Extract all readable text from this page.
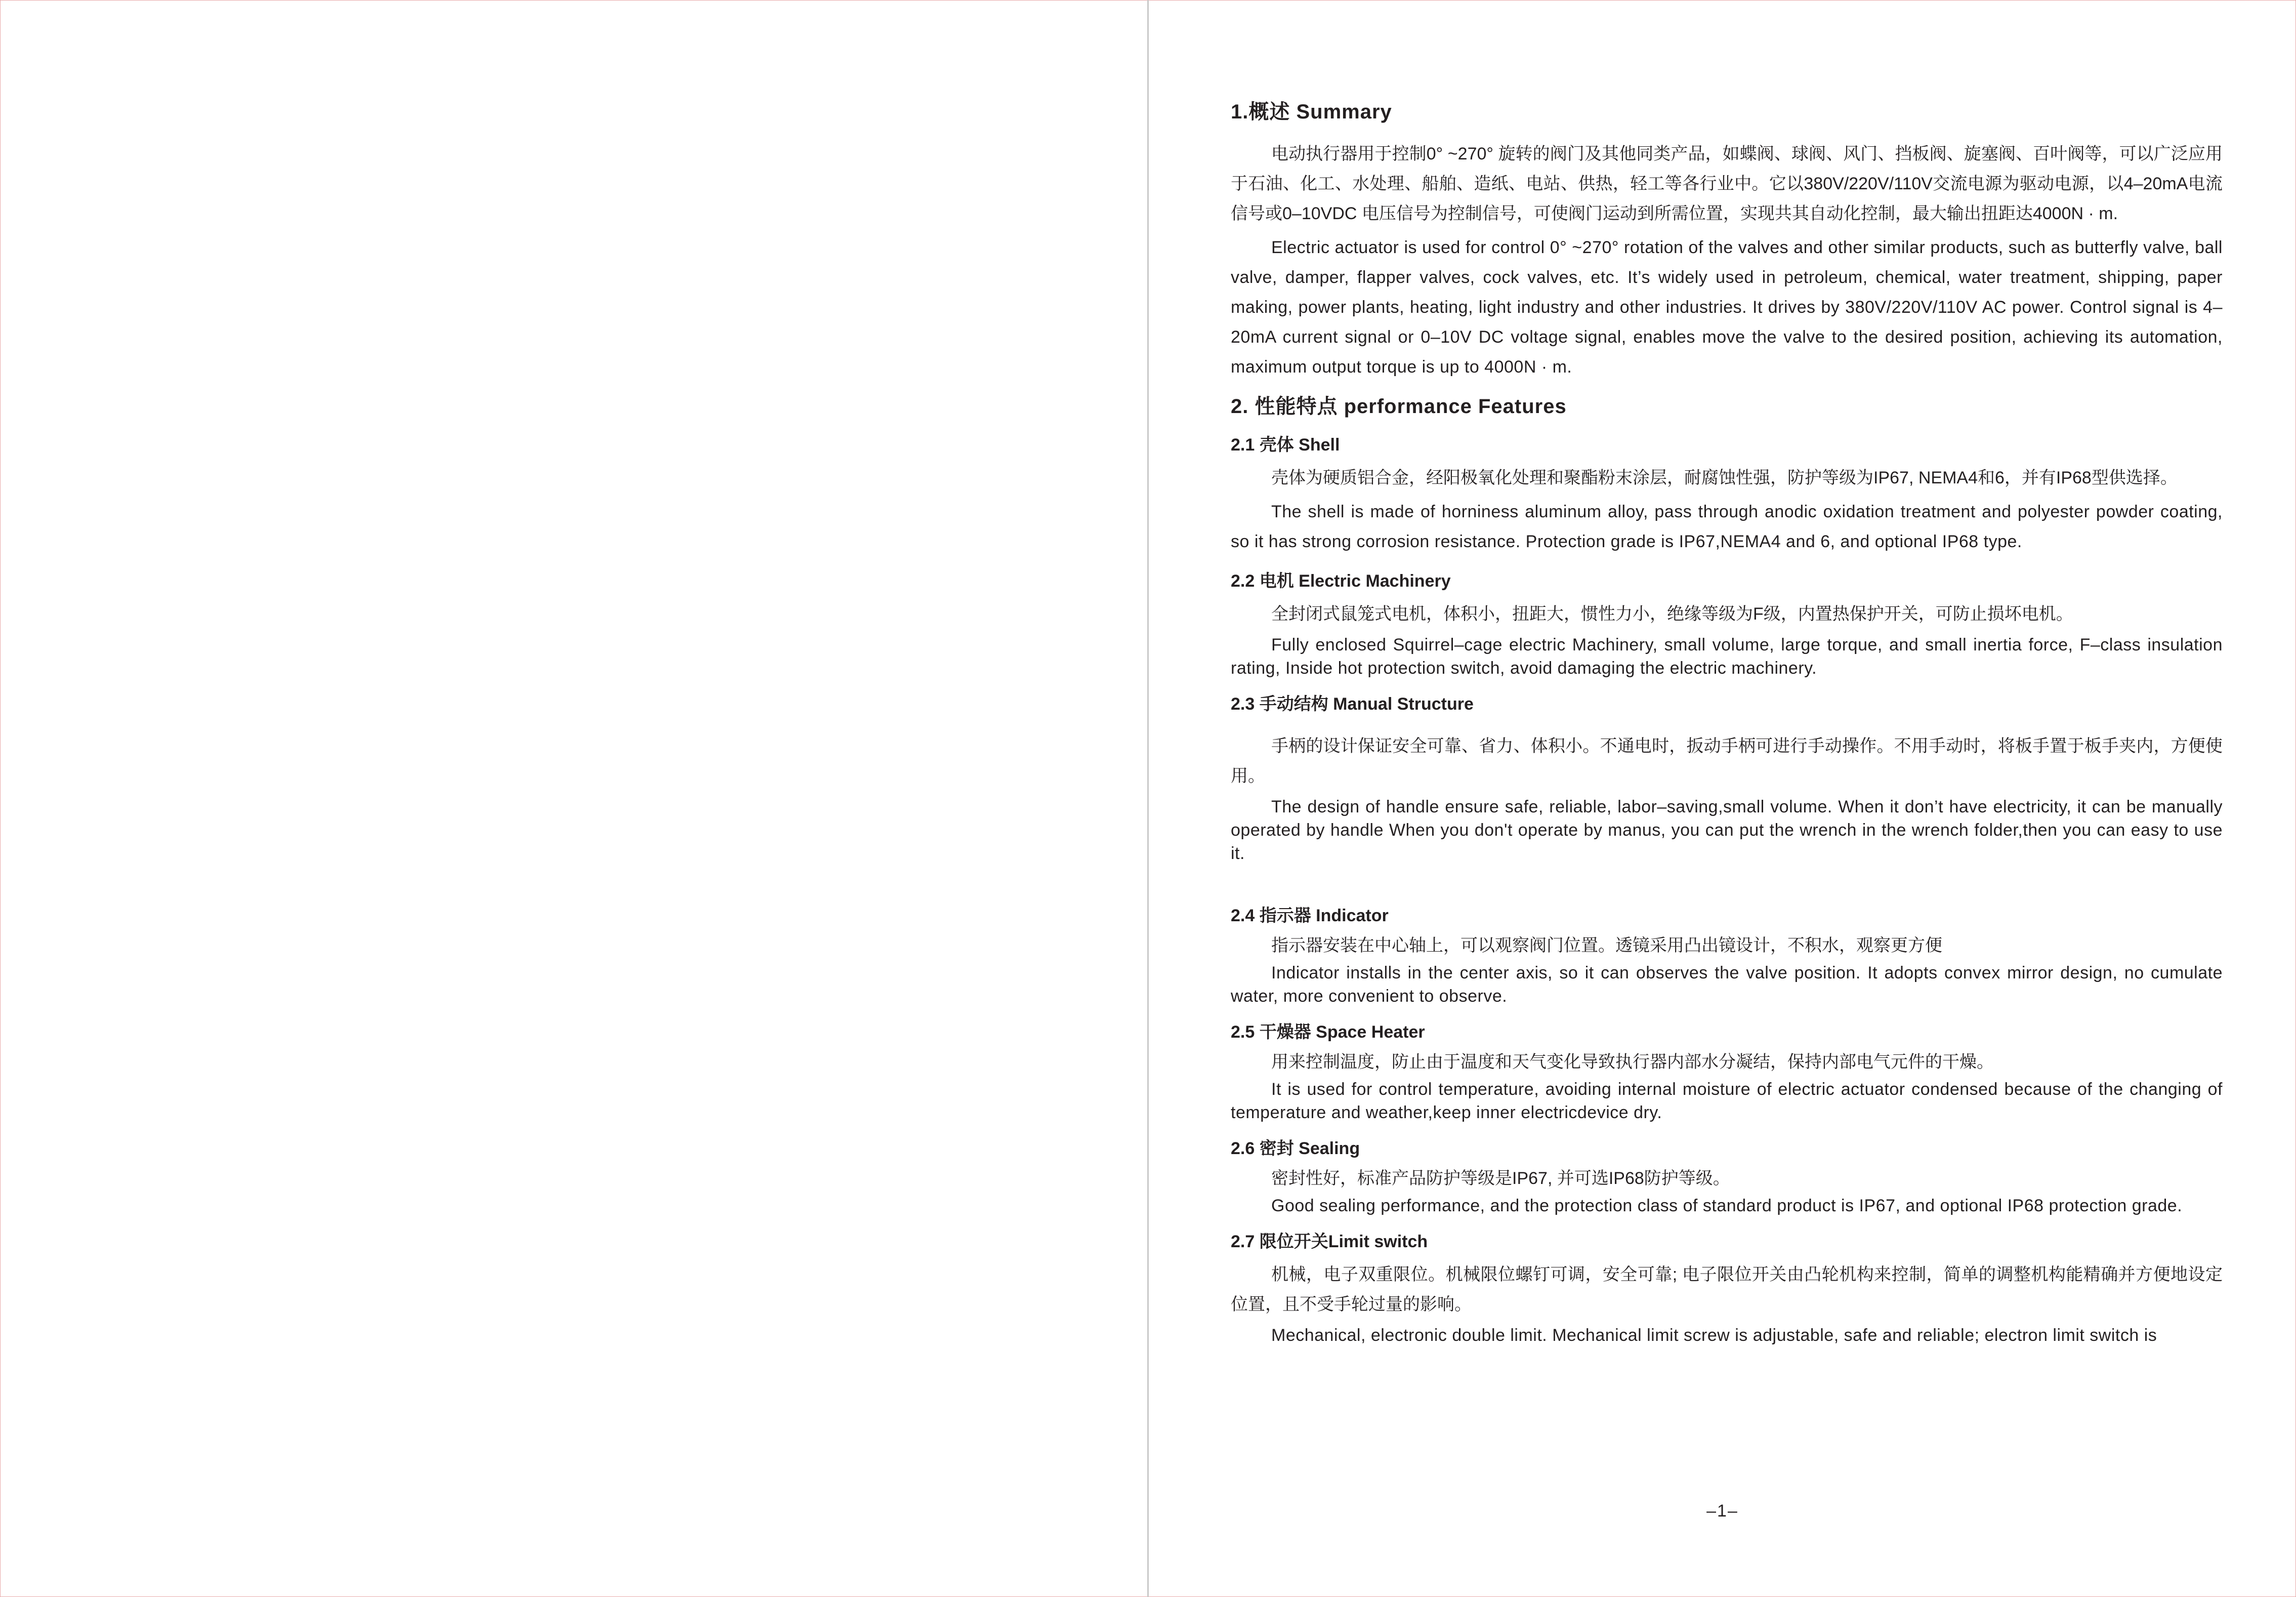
1.概述 Summary

电动执行器用于控制0° ~270° 旋转的阀门及其他同类产品，如蝶阀、球阀、风门、挡板阀、旋塞阀、百叶阀等，可以广泛应用于石油、化工、水处理、船舶、造纸、电站、供热，轻工等各行业中。它以380V/220V/110V交流电源为驱动电源，以4–20mA电流信号或0–10VDC 电压信号为控制信号，可使阀门运动到所需位置，实现共其自动化控制，最大输出扭距达4000N · m.

Electric actuator is used for control 0° ~270° rotation of the valves and other similar products, such as butterfly valve, ball valve, damper, flapper valves, cock valves, etc. It’s widely used in petroleum, chemical, water treatment, shipping, paper making, power plants, heating, light industry and other industries. It drives by 380V/220V/110V AC power. Control signal is 4–20mA current signal or 0–10V DC voltage signal, enables move the valve to the desired position, achieving its automation, maximum output torque is up to 4000N · m.

2. 性能特点 performance Features
2.1 壳体 Shell

壳体为硬质铝合金，经阳极氧化处理和聚酯粉末涂层，耐腐蚀性强，防护等级为IP67, NEMA4和6，并有IP68型供选择。

The shell is made of horniness aluminum alloy, pass through anodic oxidation treatment and polyester powder coating, so it has strong corrosion resistance. Protection grade is IP67,NEMA4 and 6, and optional IP68 type.

2.2 电机 Electric Machinery

全封闭式鼠笼式电机，体积小，扭距大，惯性力小，绝缘等级为F级，内置热保护开关，可防止损坏电机。

Fully enclosed Squirrel–cage electric Machinery, small volume, large torque, and small inertia force, F–class insulation rating, Inside hot protection switch, avoid damaging the electric machinery.

2.3 手动结构 Manual Structure

手柄的设计保证安全可靠、省力、体积小。不通电时，扳动手柄可进行手动操作。不用手动时，将板手置于板手夹内，方便使用。

The design of handle ensure safe, reliable, labor–saving,small volume. When it don’t have electricity, it can be manually operated by handle When you don't operate by manus, you can put the wrench in the wrench folder,then you can easy to use it.

2.4 指示器 Indicator

指示器安装在中心轴上，可以观察阀门位置。透镜采用凸出镜设计，不积水，观察更方便

Indicator installs in the center axis, so it can observes the valve position. It adopts convex mirror design, no cumulate water, more convenient to observe.

2.5 干燥器 Space Heater

用来控制温度，防止由于温度和天气变化导致执行器内部水分凝结，保持内部电气元件的干燥。

It is used for control temperature, avoiding internal moisture of electric actuator condensed because of the changing of temperature and weather,keep inner electricdevice dry.

2.6 密封 Sealing

密封性好，标准产品防护等级是IP67, 并可选IP68防护等级。

Good sealing performance, and the protection class of standard product is IP67, and optional IP68 protection grade.

2.7 限位开关Limit switch

机械，电子双重限位。机械限位螺钉可调，安全可靠; 电子限位开关由凸轮机构来控制，简单的调整机构能精确并方便地设定位置，且不受手轮过量的影响。

Mechanical, electronic double limit. Mechanical limit screw is adjustable, safe and reliable; electron limit switch is

–1–
